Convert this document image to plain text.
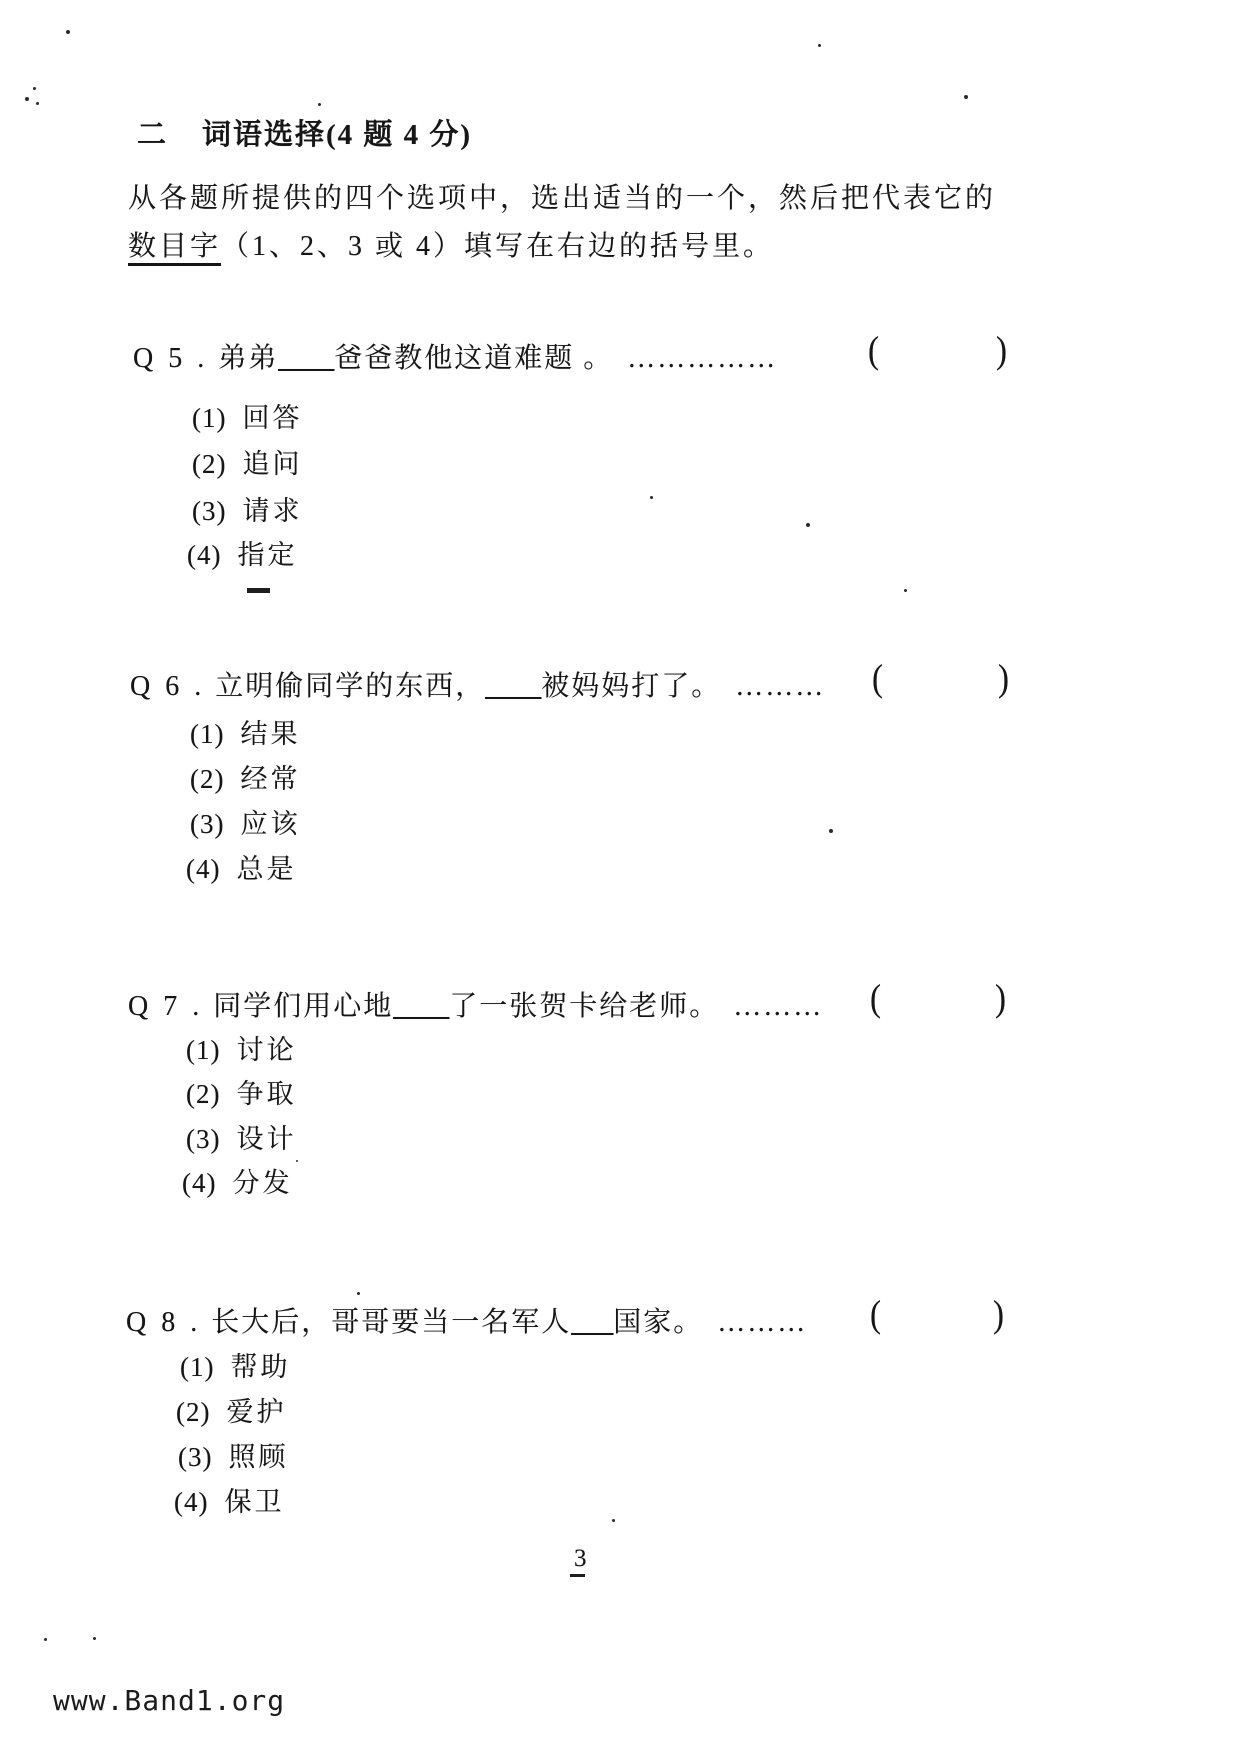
二 词语选择(4 题 4 分)
从各题所提供的四个选项中，选出适当的一个，然后把代表它的
数目字（1、2、3 或 4）填写在右边的括号里。
Q 5 . 弟弟____爸爸教他这道难题 。 ……………	(	)
(1) 回答
(2) 追问
(3) 请求
(4) 指定
Q 6 . 立明偷同学的东西，____被妈妈打了。 ……… (	)
(1) 结果
(2) 经常
(3) 应该
(4) 总是
Q 7 . 同学们用心地____了一张贺卡给老师。 ……… (	)
(1) 讨论
(2) 争取
(3) 设计
(4) 分发
Q 8 . 长大后，哥哥要当一名军人___国家。 ……… (	)
(1) 帮助
(2) 爱护
(3) 照顾
(4) 保卫
3
www.Band1.org
